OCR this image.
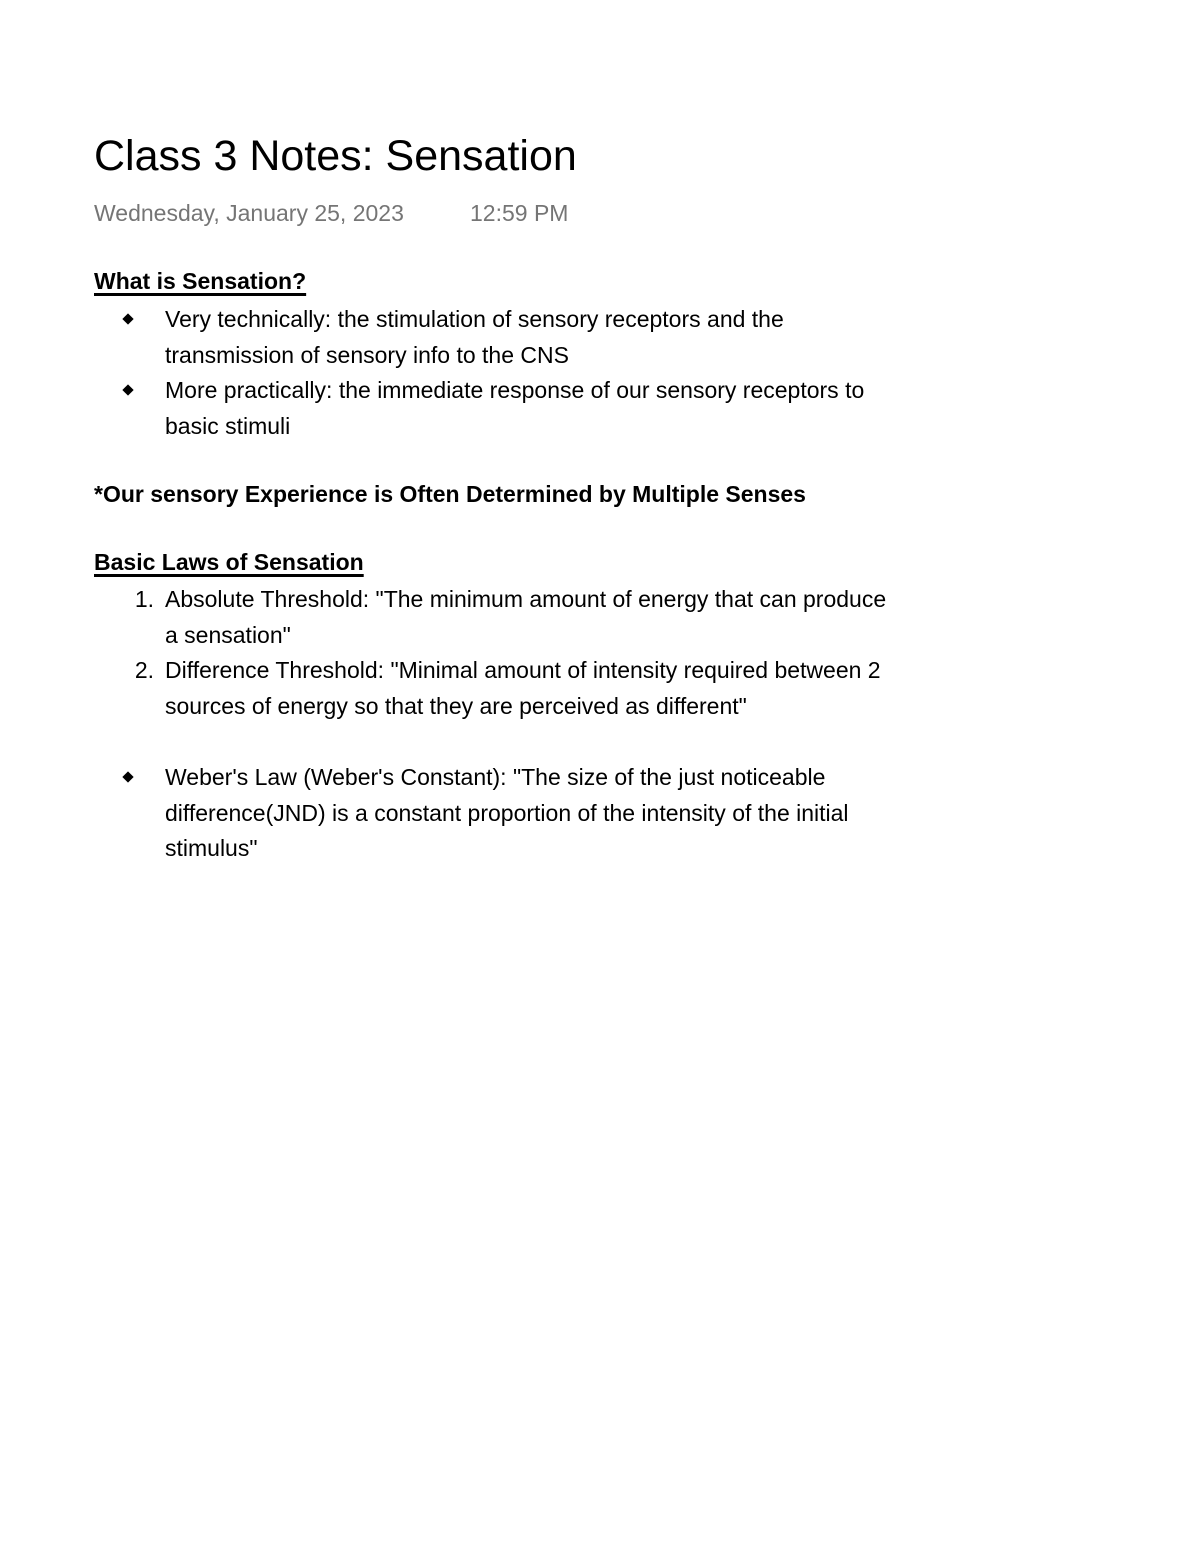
Class 3 Notes: Sensation
Wednesday, January 25, 2023	12:59 PM
What is Sensation?
Very technically: the stimulation of sensory receptors and the transmission of sensory info to the CNS
More practically: the immediate response of our sensory receptors to basic stimuli
*Our sensory Experience is Often Determined by Multiple Senses
Basic Laws of Sensation
1. Absolute Threshold: "The minimum amount of energy that can produce a sensation"
2. Difference Threshold: "Minimal amount of intensity required between 2 sources of energy so that they are perceived as different"
Weber's Law (Weber's Constant): "The size of the just noticeable difference(JND) is a constant proportion of the intensity of the initial stimulus"
